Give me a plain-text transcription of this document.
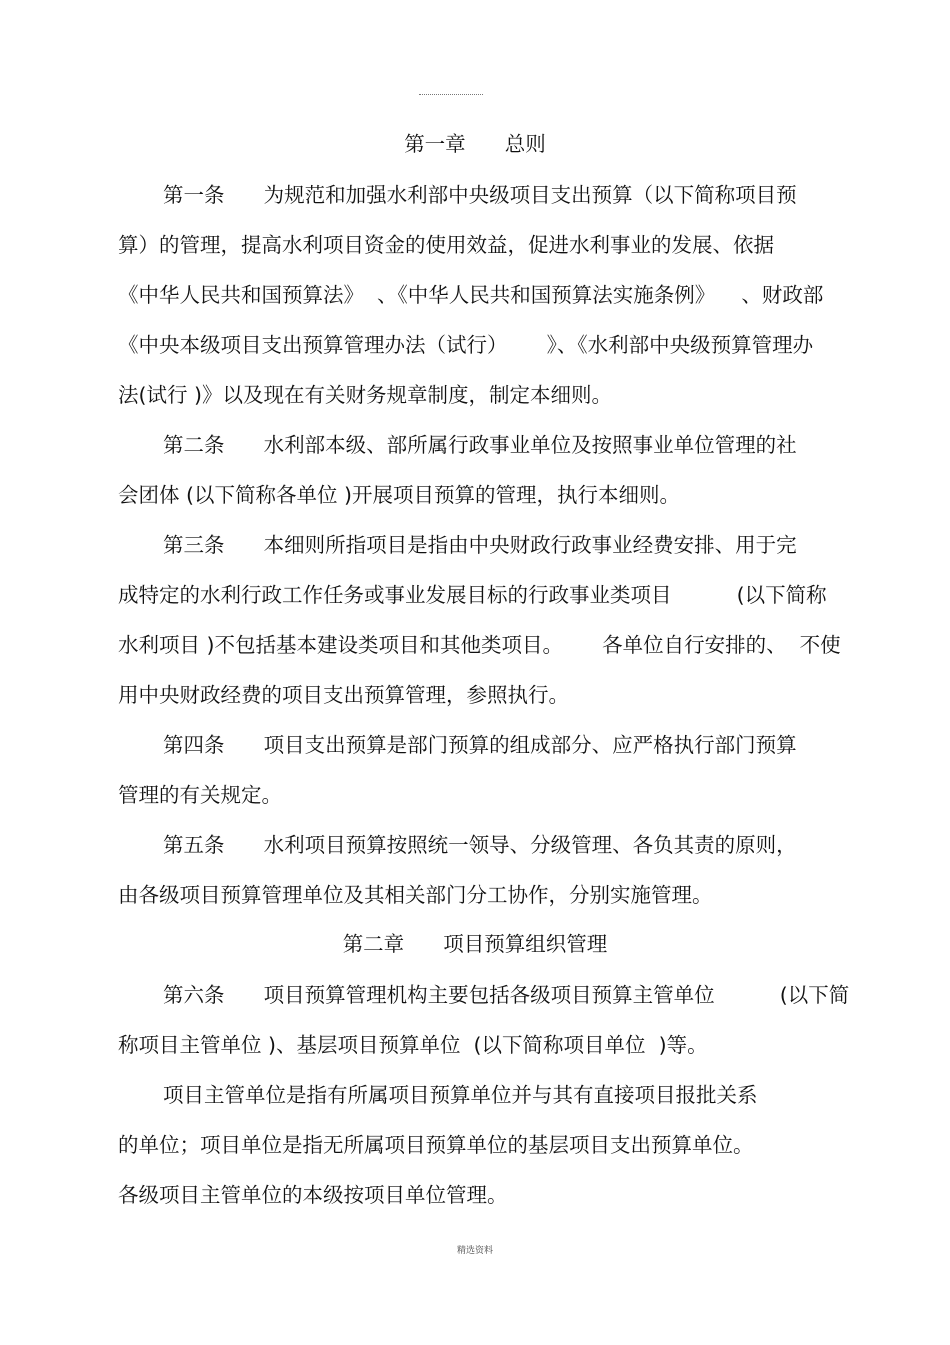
第一章      总则
第一条      为规范和加强水利部中央级项目支出预算（以下简称项目预
算）的管理，提高水利项目资金的使用效益，促进水利事业的发展、依据
《中华人民共和国预算法》  、《中华人民共和国预算法实施条例》    、财政部
《中央本级项目支出预算管理办法（试行）      》、《水利部中央级预算管理办
法(试行 )》以及现在有关财务规章制度，制定本细则。
第二条      水利部本级、部所属行政事业单位及按照事业单位管理的社
会团体 (以下简称各单位 )开展项目预算的管理，执行本细则。
第三条      本细则所指项目是指由中央财政行政事业经费安排、用于完
成特定的水利行政工作任务或事业发展目标的行政事业类项目          (以下简称
水利项目 )不包括基本建设类项目和其他类项目。      各单位自行安排的、  不使
用中央财政经费的项目支出预算管理，参照执行。
第四条      项目支出预算是部门预算的组成部分、应严格执行部门预算
管理的有关规定。
第五条      水利项目预算按照统一领导、分级管理、各负其责的原则，
由各级项目预算管理单位及其相关部门分工协作，分别实施管理。
第二章      项目预算组织管理
第六条      项目预算管理机构主要包括各级项目预算主管单位          (以下简
称项目主管单位 )、基层项目预算单位  (以下简称项目单位  )等。
项目主管单位是指有所属项目预算单位并与其有直接项目报批关系
的单位；项目单位是指无所属项目预算单位的基层项目支出预算单位。
各级项目主管单位的本级按项目单位管理。
精选资料
